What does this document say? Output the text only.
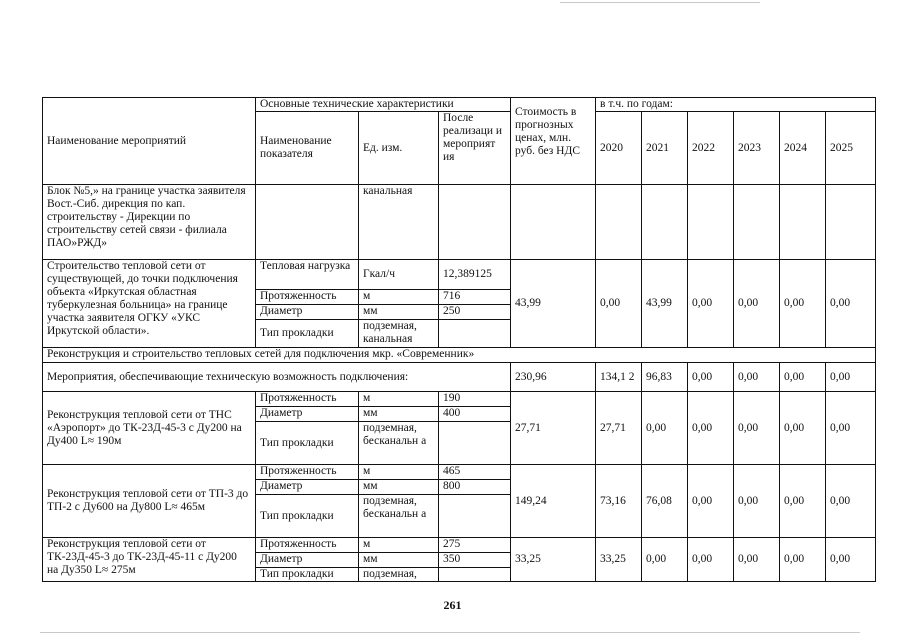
Наименование мероприятий	Основные технические характеристики			Стоимость в прогнозных ценах, млн. руб. без НДС	в т.ч. по годам:					
	Наименование показателя	Ед. изм.	После реализаци и мероприят ия		2020	2021	2022	2023	2024	2025
Блок №5,» на границе участка заявителя Вост.-Сиб. дирекция по кап. строительству - Дирекции по строительству сетей связи - филиала ПАО»РЖД»		канальная								
Строительство тепловой сети от существующей, до точки подключения объекта «Иркутская областная туберкулезная больница» на границе участка заявителя ОГКУ «УКС Иркутской области».	Тепловая нагрузка	Гкал/ч	12,389125	43,99	0,00	43,99	0,00	0,00	0,00	0,00
	Протяженность	м	716							
	Диаметр	мм	250							
	Тип прокладки	подземная, канальная								
Реконструкция и строительство тепловых сетей для подключения мкр. «Современник»										
Мероприятия, обеспечивающие техническую возможность подключения:				230,96	134,1 2	96,83	0,00	0,00	0,00	0,00
Реконструкция тепловой сети от ТНС «Аэропорт» до ТК-23Д-45-3 с Ду200 на Ду400 L≈ 190м	Протяженность	м	190	27,71	27,71	0,00	0,00	0,00	0,00	0,00
	Диаметр	мм	400							
	Тип прокладки	подземная, бесканальн а								
Реконструкция тепловой сети от ТП-3 до ТП-2 с Ду600 на Ду800 L≈ 465м	Протяженность	м	465	149,24	73,16	76,08	0,00	0,00	0,00	0,00
	Диаметр	мм	800							
	Тип прокладки	подземная, бесканальн а								
Реконструкция тепловой сети от ТК-23Д-45-3 до ТК-23Д-45-11 с Ду200 на Ду350 L≈ 275м	Протяженность	м	275	33,25	33,25	0,00	0,00	0,00	0,00	0,00
	Диаметр	мм	350							
	Тип прокладки	подземная,								
261
